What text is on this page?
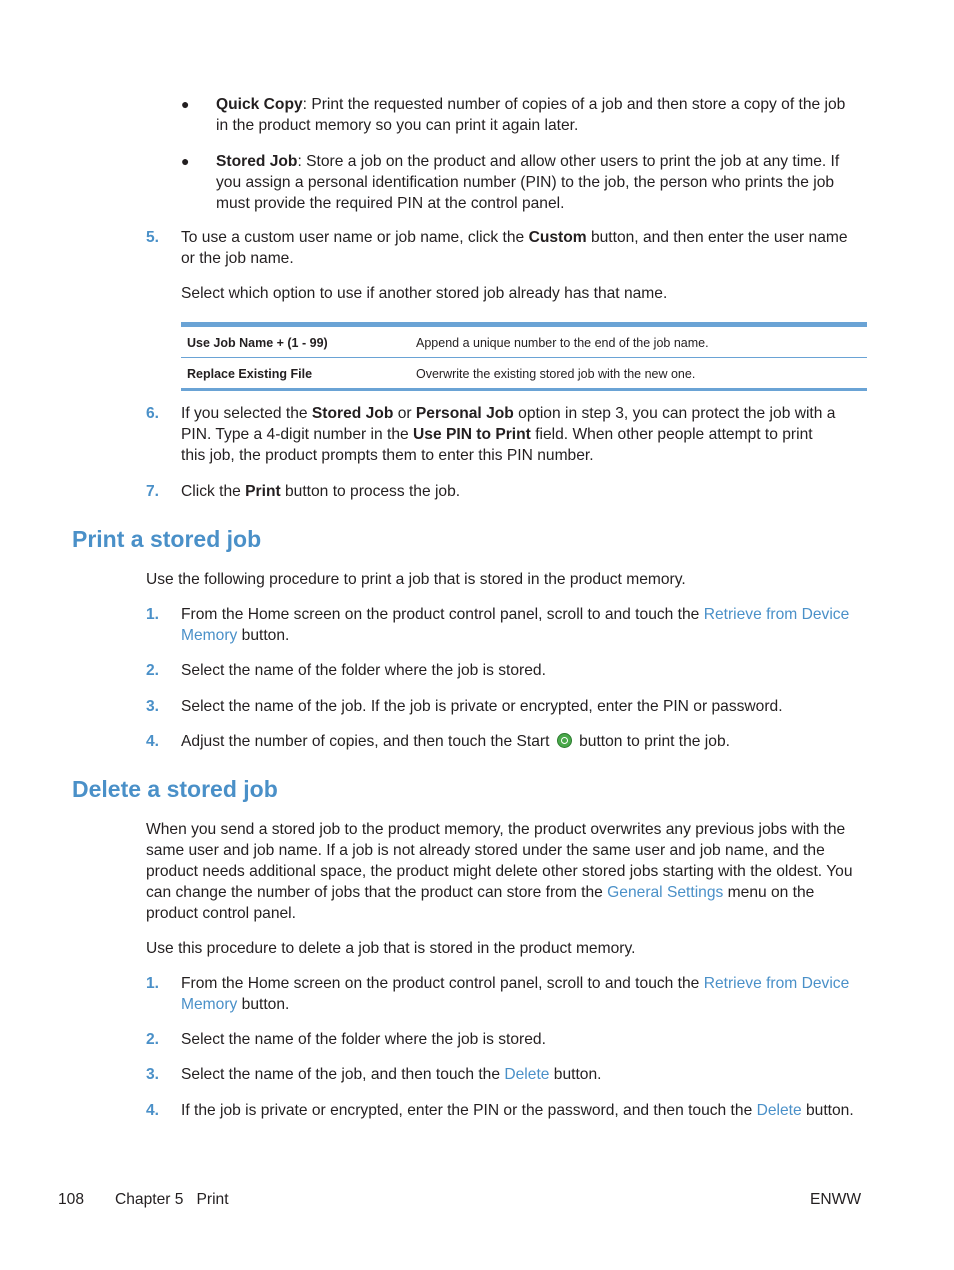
● Quick Copy: Print the requested number of copies of a job and then store a copy of the job
in the product memory so you can print it again later.
● Stored Job: Store a job on the product and allow other users to print the job at any time. If
you assign a personal identification number (PIN) to the job, the person who prints the job
must provide the required PIN at the control panel.
5. To use a custom user name or job name, click the Custom button, and then enter the user name
or the job name.
Select which option to use if another stored job already has that name.
Use Job Name + (1 - 99)	Append a unique number to the end of the job name.
Replace Existing File	Overwrite the existing stored job with the new one.
6. If you selected the Stored Job or Personal Job option in step 3, you can protect the job with a
PIN. Type a 4-digit number in the Use PIN to Print field. When other people attempt to print
this job, the product prompts them to enter this PIN number.
7. Click the Print button to process the job.
Print a stored job
Use the following procedure to print a job that is stored in the product memory.
1. From the Home screen on the product control panel, scroll to and touch the Retrieve from Device
Memory button.
2. Select the name of the folder where the job is stored.
3. Select the name of the job. If the job is private or encrypted, enter the PIN or password.
4. Adjust the number of copies, and then touch the Start button to print the job.
Delete a stored job
When you send a stored job to the product memory, the product overwrites any previous jobs with the
same user and job name. If a job is not already stored under the same user and job name, and the
product needs additional space, the product might delete other stored jobs starting with the oldest. You
can change the number of jobs that the product can store from the General Settings menu on the
product control panel.
Use this procedure to delete a job that is stored in the product memory.
1. From the Home screen on the product control panel, scroll to and touch the Retrieve from Device
Memory button.
2. Select the name of the folder where the job is stored.
3. Select the name of the job, and then touch the Delete button.
4. If the job is private or encrypted, enter the PIN or the password, and then touch the Delete button.
108 Chapter 5   Print	ENWW
